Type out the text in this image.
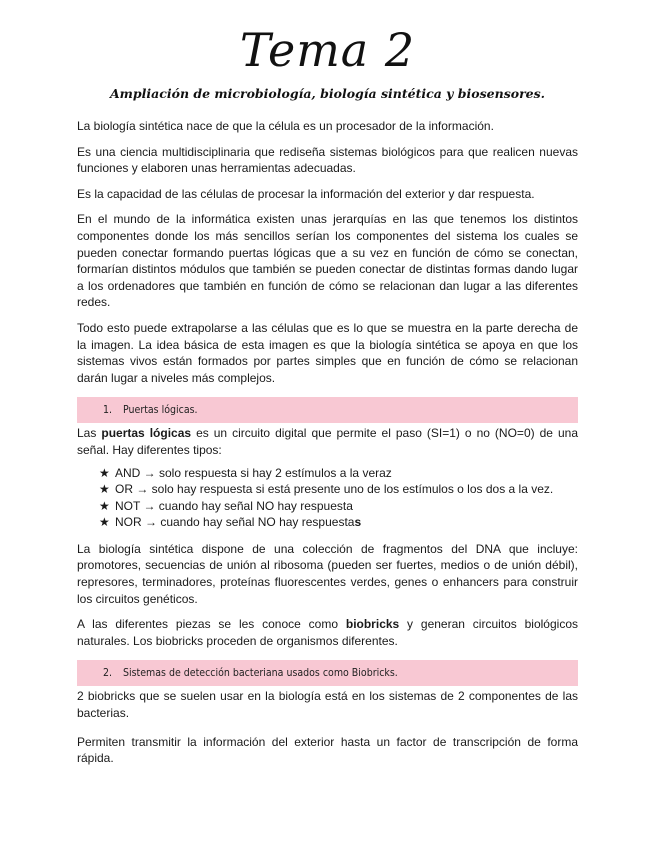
Tema 2
Ampliación de microbiología, biología sintética y biosensores.

La biología sintética nace de que la célula es un procesador de la información.

Es una ciencia multidisciplinaria que rediseña sistemas biológicos para que realicen nuevas funciones y elaboren unas herramientas adecuadas.

Es la capacidad de las células de procesar la información del exterior y dar respuesta.

En el mundo de la informática existen unas jerarquías en las que tenemos los distintos componentes donde los más sencillos serían los componentes del sistema los cuales se pueden conectar formando puertas lógicas que a su vez en función de cómo se conectan, formarían distintos módulos que también se pueden conectar de distintas formas dando lugar a los ordenadores que también en función de cómo se relacionan dan lugar a las diferentes redes.

Todo esto puede extrapolarse a las células que es lo que se muestra en la parte derecha de la imagen. La idea básica de esta imagen es que la biología sintética se apoya en que los sistemas vivos están formados por partes simples que en función de cómo se relacionan darán lugar a niveles más complejos.

1. Puertas lógicas.

Las puertas lógicas es un circuito digital que permite el paso (SI=1) o no (NO=0) de una señal. Hay diferentes tipos:

★ AND → solo respuesta si hay 2 estímulos a la veraz
★ OR → solo hay respuesta si está presente uno de los estímulos o los dos a la vez.
★ NOT → cuando hay señal NO hay respuesta
★ NOR → cuando hay señal NO hay respuestas

La biología sintética dispone de una colección de fragmentos del DNA que incluye: promotores, secuencias de unión al ribosoma (pueden ser fuertes, medios o de unión débil), represores, terminadores, proteínas fluorescentes verdes, genes o enhancers para construir los circuitos genéticos.

A las diferentes piezas se les conoce como biobricks y generan circuitos biológicos naturales. Los biobricks proceden de organismos diferentes.

2. Sistemas de detección bacteriana usados como Biobricks.

2 biobricks que se suelen usar en la biología está en los sistemas de 2 componentes de las bacterias.

Permiten transmitir la información del exterior hasta un factor de transcripción de forma rápida.
